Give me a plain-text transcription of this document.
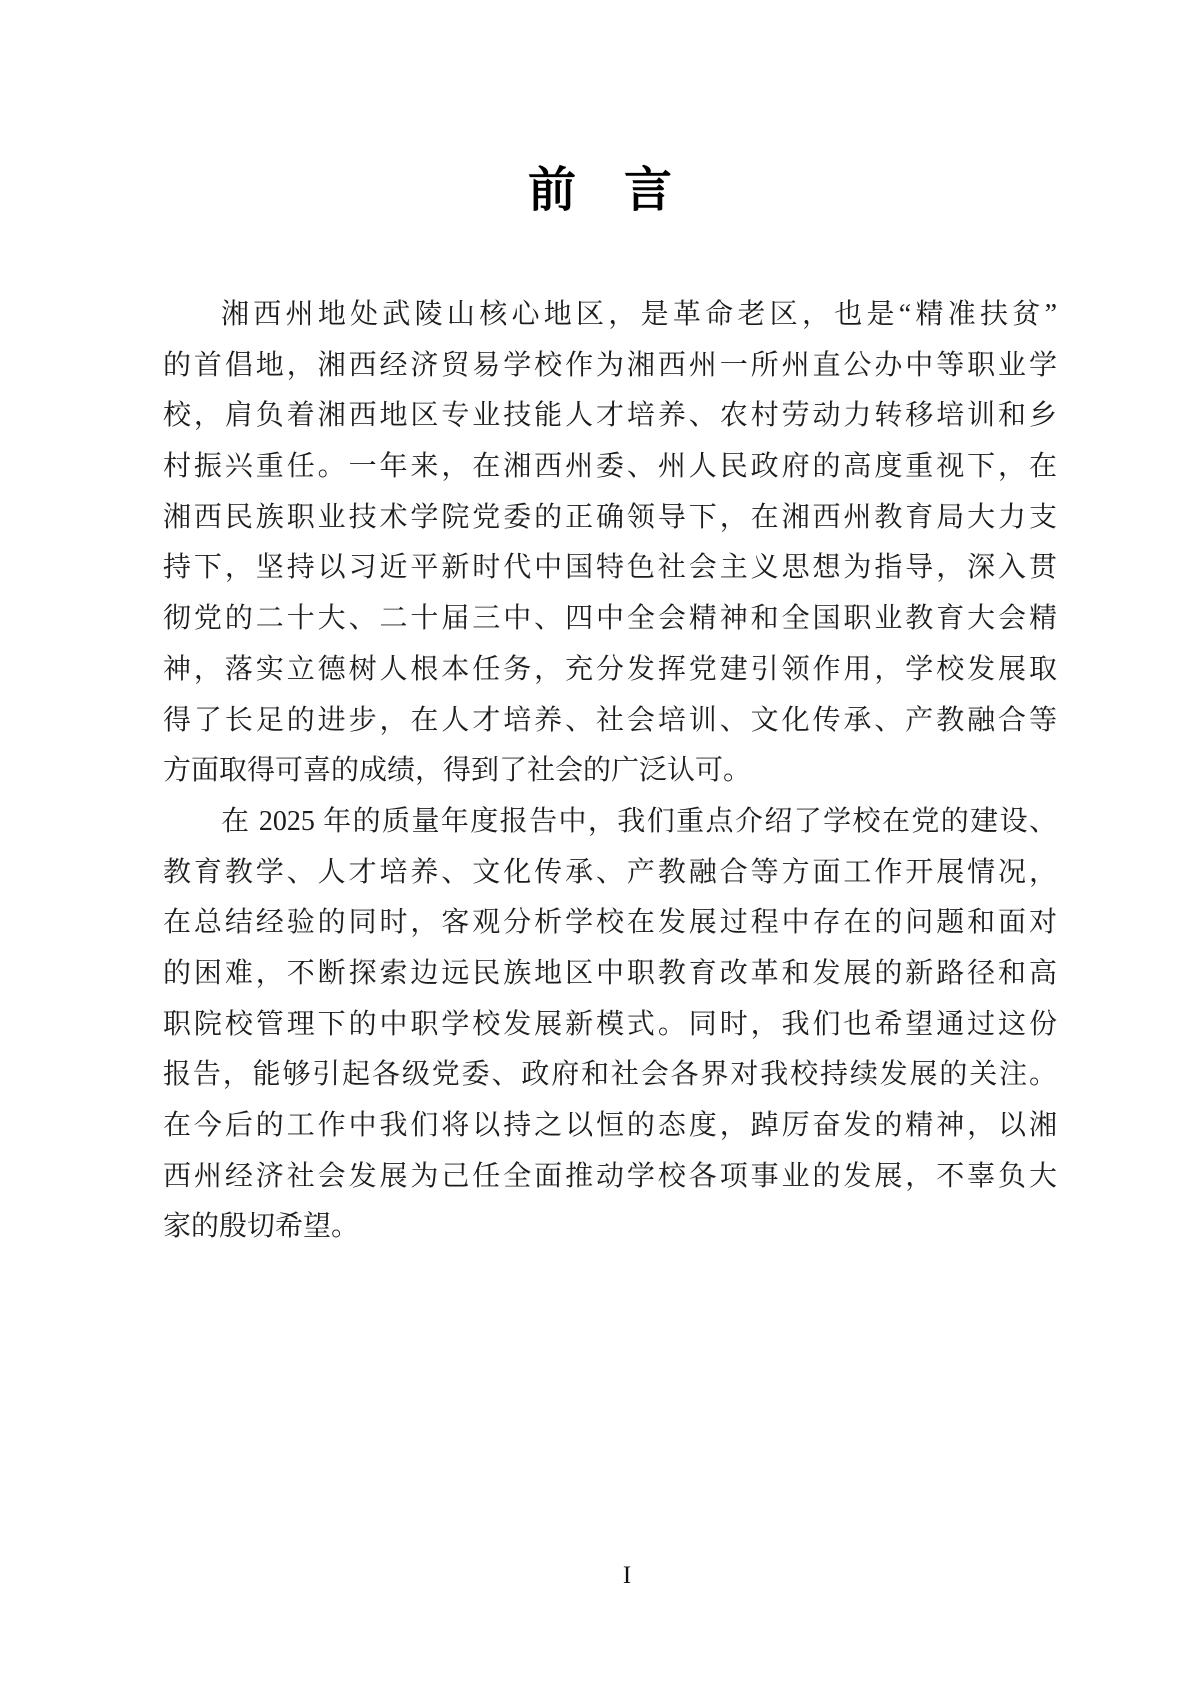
前　言
湘西州地处武陵山核心地区，是革命老区，也是“精准扶贫”
的首倡地，湘西经济贸易学校作为湘西州一所州直公办中等职业学
校，肩负着湘西地区专业技能人才培养、农村劳动力转移培训和乡
村振兴重任。一年来，在湘西州委、州人民政府的高度重视下，在
湘西民族职业技术学院党委的正确领导下，在湘西州教育局大力支
持下，坚持以习近平新时代中国特色社会主义思想为指导，深入贯
彻党的二十大、二十届三中、四中全会精神和全国职业教育大会精
神，落实立德树人根本任务，充分发挥党建引领作用，学校发展取
得了长足的进步，在人才培养、社会培训、文化传承、产教融合等
方面取得可喜的成绩，得到了社会的广泛认可。
在 2025 年的质量年度报告中，我们重点介绍了学校在党的建设、
教育教学、人才培养、文化传承、产教融合等方面工作开展情况，
在总结经验的同时，客观分析学校在发展过程中存在的问题和面对
的困难，不断探索边远民族地区中职教育改革和发展的新路径和高
职院校管理下的中职学校发展新模式。同时，我们也希望通过这份
报告，能够引起各级党委、政府和社会各界对我校持续发展的关注。
在今后的工作中我们将以持之以恒的态度，踔厉奋发的精神，以湘
西州经济社会发展为己任全面推动学校各项事业的发展，不辜负大
家的殷切希望。
I
